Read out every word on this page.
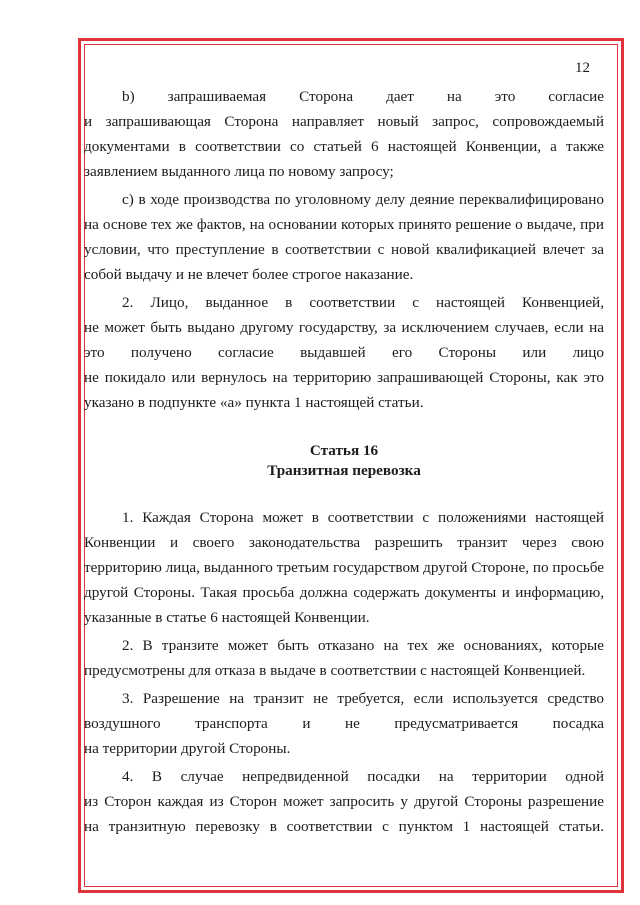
12

b) запрашиваемая Сторона дает на это согласие
и запрашивающая Сторона направляет новый запрос, сопровождаемый
документами в соответствии со статьей 6 настоящей Конвенции, а также
заявлением выданного лица по новому запросу;

c) в ходе производства по уголовному делу деяние переквалифицировано
на основе тех же фактов, на основании которых принято решение о выдаче, при
условии, что преступление в соответствии с новой квалификацией влечет за
собой выдачу и не влечет более строгое наказание.

2. Лицо, выданное в соответствии с настоящей Конвенцией,
не может быть выдано другому государству, за исключением случаев, если на
это получено согласие выдавшей его Стороны или лицо
не покидало или вернулось на территорию запрашивающей Стороны, как это
указано в подпункте «а» пункта 1 настоящей статьи.

Статья 16
Транзитная перевозка

1. Каждая Сторона может в соответствии с положениями настоящей
Конвенции и своего законодательства разрешить транзит через свою
территорию лица, выданного третьим государством другой Стороне, по просьбе
другой Стороны. Такая просьба должна содержать документы и информацию,
указанные в статье 6 настоящей Конвенции.

2. В транзите может быть отказано на тех же основаниях, которые
предусмотрены для отказа в выдаче в соответствии с настоящей Конвенцией.

3. Разрешение на транзит не требуется, если используется средство
воздушного транспорта и не предусматривается посадка
на территории другой Стороны.

4. В случае непредвиденной посадки на территории одной
из Сторон каждая из Сторон может запросить у другой Стороны разрешение
на транзитную перевозку в соответствии с пунктом 1 настоящей статьи.
